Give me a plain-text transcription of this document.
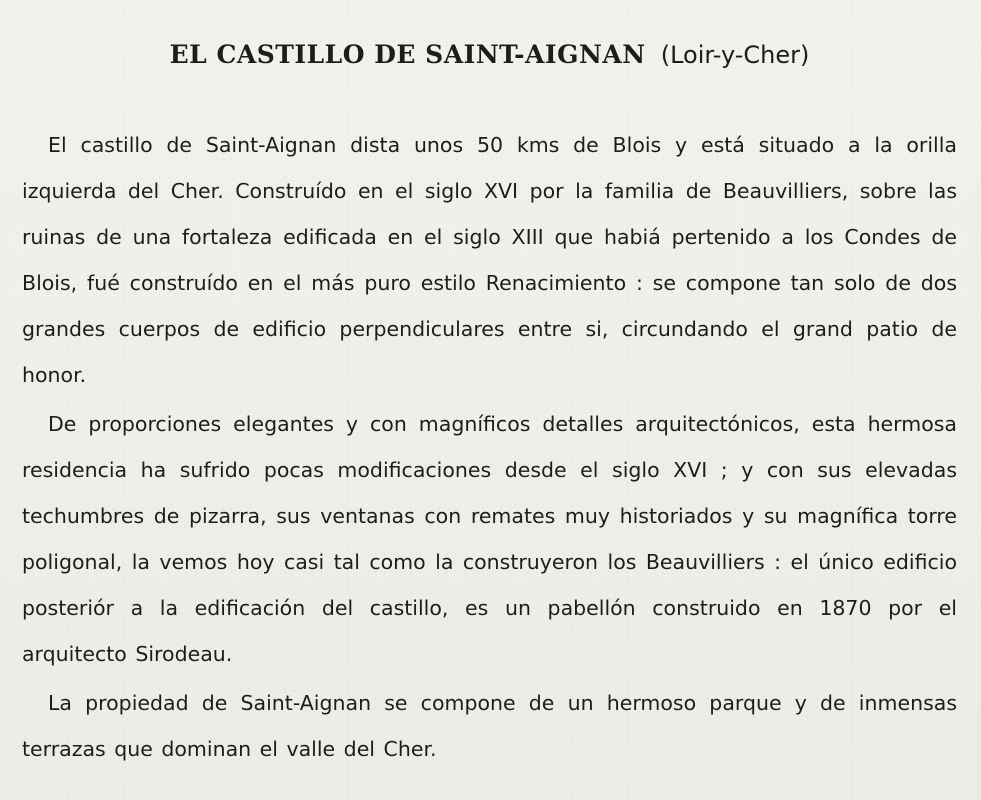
EL CASTILLO DE SAINT-AIGNAN (Loir-y-Cher)

El castillo de Saint-Aignan dista unos 50 kms de Blois y está situado a la orilla izquierda del Cher. Construído en el siglo XVI por la familia de Beauvilliers, sobre las ruinas de una fortaleza edificada en el siglo XIII que habiá pertenido a los Condes de Blois, fué construído en el más puro estilo Renacimiento : se compone tan solo de dos grandes cuerpos de edificio perpendiculares entre si, circundando el grand patio de honor.

De proporciones elegantes y con magníficos detalles arquitectónicos, esta hermosa residencia ha sufrido pocas modificaciones desde el siglo XVI ; y con sus elevadas techumbres de pizarra, sus ventanas con remates muy historiados y su magnífica torre poligonal, la vemos hoy casi tal como la construyeron los Beauvilliers : el único edificio posteriór a la edificación del castillo, es un pabellón construido en 1870 por el arquitecto Sirodeau.

La propiedad de Saint-Aignan se compone de un hermoso parque y de inmensas terrazas que dominan el valle del Cher.
